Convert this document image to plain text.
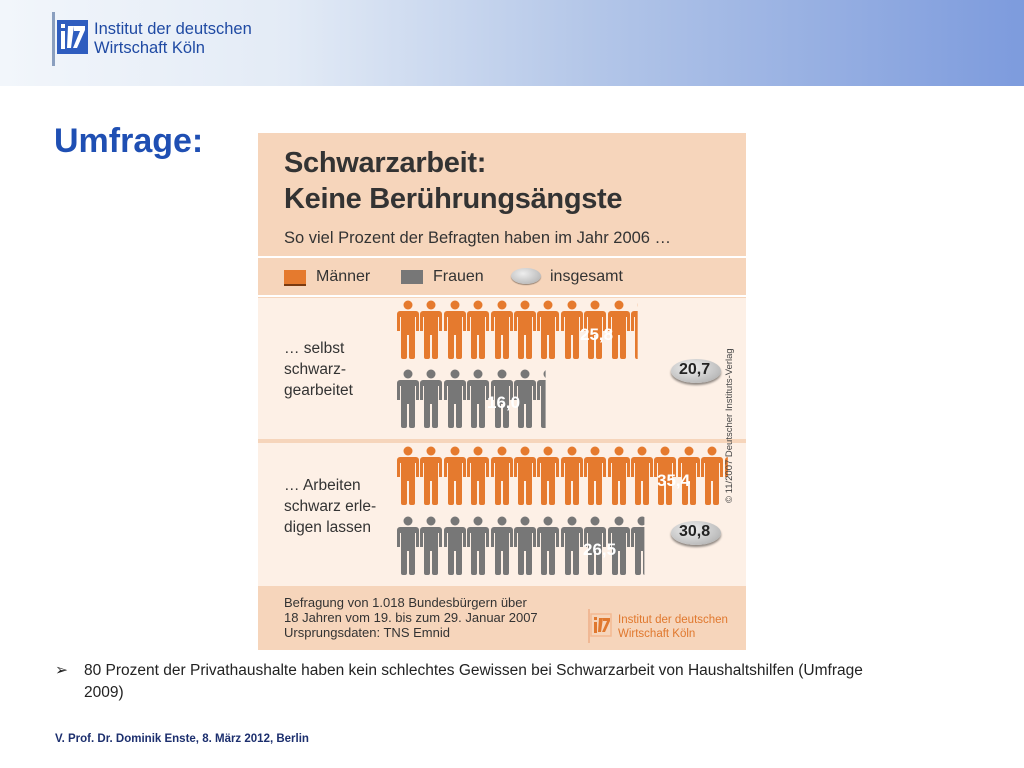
Institut der deutschen
Wirtschaft Köln
Umfrage:
Schwarzarbeit:
Keine Berührungsängste
So viel Prozent der Befragten haben im Jahr 2006 …
Männer	Frauen	insgesamt
… selbst
schwarz-
gearbeitet
… Arbeiten
schwarz erle-
digen lassen
25,8
16,0
35,4
26,5
20,7
30,8
© 11/2007 Deutscher Instituts-Verlag
Befragung von 1.018 Bundesbürgern über
18 Jahren vom 19. bis zum 29. Januar 2007
Ursprungsdaten: TNS Emnid
Institut der deutschen
Wirtschaft Köln
➢ 80 Prozent der Privathaushalte haben kein schlechtes Gewissen bei Schwarzarbeit von Haushaltshilfen (Umfrage 2009)
V. Prof. Dr. Dominik Enste, 8. März 2012, Berlin
